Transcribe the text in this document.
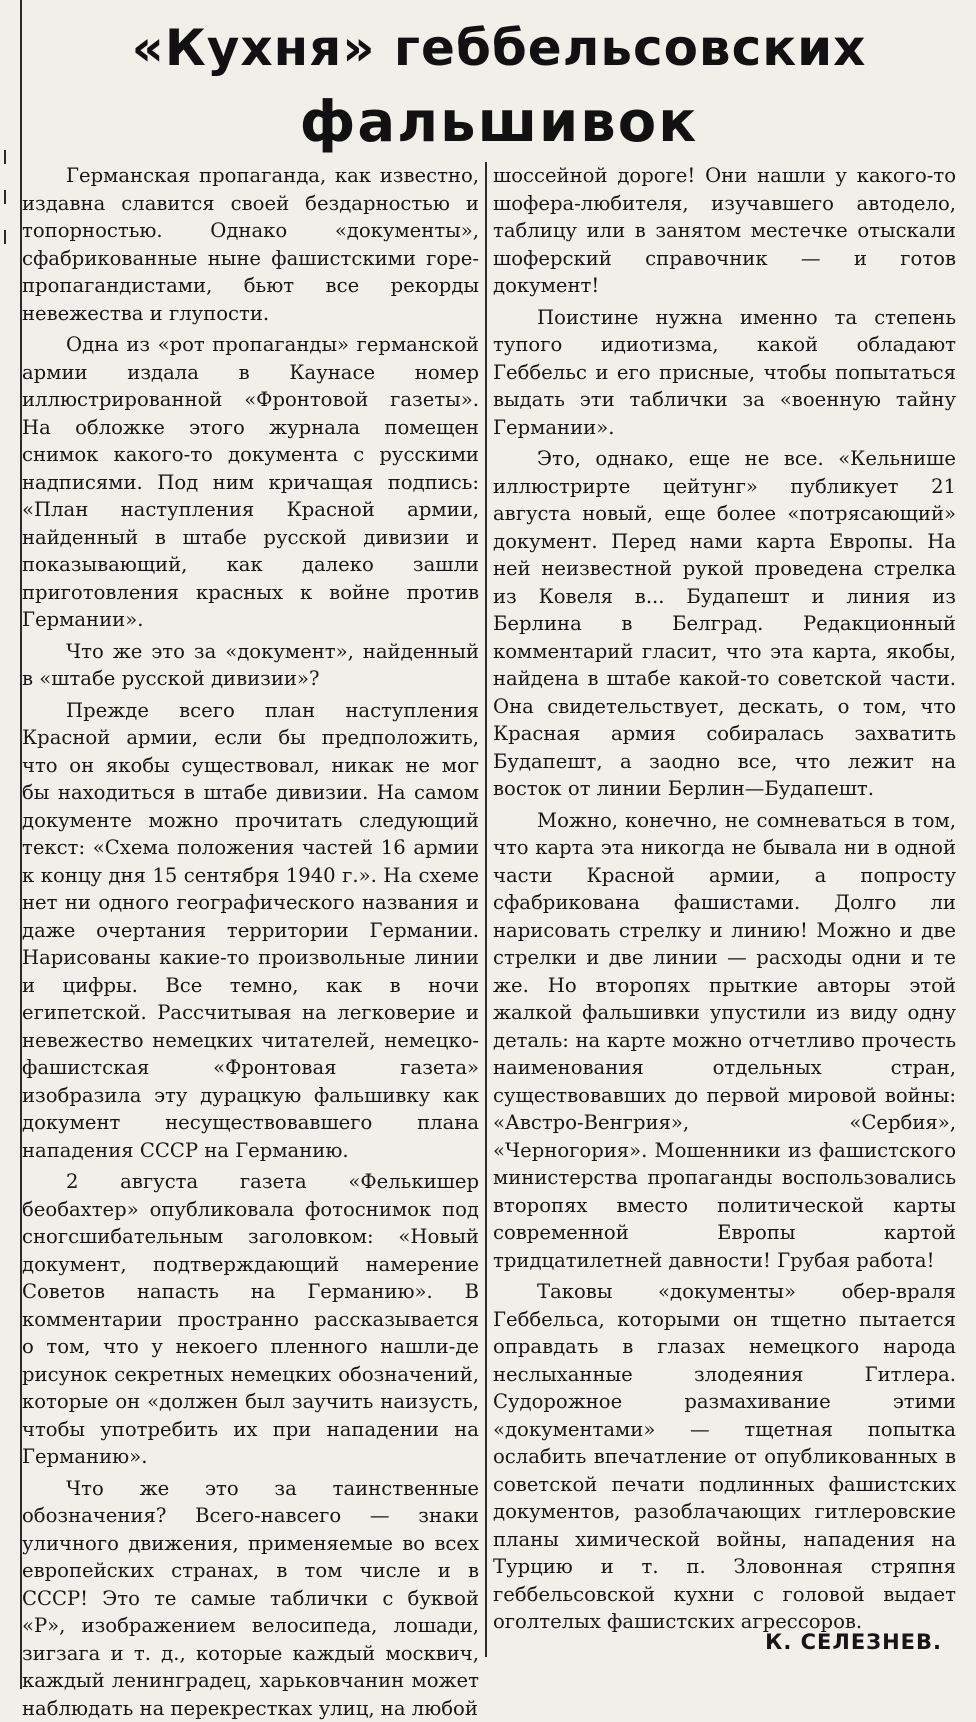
«Кухня» геббельсовских
фальшивок

Германская пропаганда, как известно, издавна славится своей бездарностью и топорностью. Однако «документы», сфабрикованные ныне фашистскими горе-пропагандистами, бьют все рекорды невежества и глупости.

Одна из «рот пропаганды» германской армии издала в Каунасе номер иллюстрированной «Фронтовой газеты». На обложке этого журнала помещен снимок какого-то документа с русскими надписями. Под ним кричащая подпись: «План наступления Красной армии, найденный в штабе русской дивизии и показывающий, как далеко зашли приготовления красных к войне против Германии».

Что же это за «документ», найденный в «штабе русской дивизии»?

Прежде всего план наступления Красной армии, если бы предположить, что он якобы существовал, никак не мог бы находиться в штабе дивизии. На самом документе можно прочитать следующий текст: «Схема положения частей 16 армии к концу дня 15 сентября 1940 г.». На схеме нет ни одного географического названия и даже очертания территории Германии. Нарисованы какие-то произвольные линии и цифры. Все темно, как в ночи египетской. Рассчитывая на легковерие и невежество немецких читателей, немецко-фашистская «Фронтовая газета» изобразила эту дурацкую фальшивку как документ несуществовавшего плана нападения СССР на Германию.

2 августа газета «Фелькишер беобахтер» опубликовала фотоснимок под сногсшибательным заголовком: «Новый документ, подтверждающий намерение Советов напасть на Германию». В комментарии пространно рассказывается о том, что у некоего пленного нашли-де рисунок секретных немецких обозначений, которые он «должен был заучить наизусть, чтобы употребить их при нападении на Германию».

Что же это за таинственные обозначения? Всего-навсего — знаки уличного движения, применяемые во всех европейских странах, в том числе и в СССР! Это те самые таблички с буквой «Р», изображением велосипеда, лошади, зигзага и т. д., которые каждый москвич, каждый ленинградец, харьковчанин может наблюдать на перекрестках улиц, на любой

шоссейной дороге! Они нашли у какого-то шофера-любителя, изучавшего автодело, таблицу или в занятом местечке отыскали шоферский справочник — и готов документ!

Поистине нужна именно та степень тупого идиотизма, какой обладают Геббельс и его присные, чтобы попытаться выдать эти таблички за «военную тайну Германии».

Это, однако, еще не все. «Кельнише иллюстрирте цейтунг» публикует 21 августа новый, еще более «потрясающий» документ. Перед нами карта Европы. На ней неизвестной рукой проведена стрелка из Ковеля в... Будапешт и линия из Берлина в Белград. Редакционный комментарий гласит, что эта карта, якобы, найдена в штабе какой-то советской части. Она свидетельствует, дескать, о том, что Красная армия собиралась захватить Будапешт, а заодно все, что лежит на восток от линии Берлин—Будапешт.

Можно, конечно, не сомневаться в том, что карта эта никогда не бывала ни в одной части Красной армии, а попросту сфабрикована фашистами. Долго ли нарисовать стрелку и линию! Можно и две стрелки и две линии — расходы одни и те же. Но второпях прыткие авторы этой жалкой фальшивки упустили из виду одну деталь: на карте можно отчетливо прочесть наименования отдельных стран, существовавших до первой мировой войны: «Австро-Венгрия», «Сербия», «Черногория». Мошенники из фашистского министерства пропаганды воспользовались второпях вместо политической карты современной Европы картой тридцатилетней давности! Грубая работа!

Таковы «документы» обер-враля Геббельса, которыми он тщетно пытается оправдать в глазах немецкого народа неслыханные злодеяния Гитлера. Судорожное размахивание этими «документами» — тщетная попытка ослабить впечатление от опубликованных в советской печати подлинных фашистских документов, разоблачающих гитлеровские планы химической войны, нападения на Турцию и т. п. Зловонная стряпня геббельсовской кухни с головой выдает оголтелых фашистских агрессоров.

К. СЕЛЕЗНЕВ.
